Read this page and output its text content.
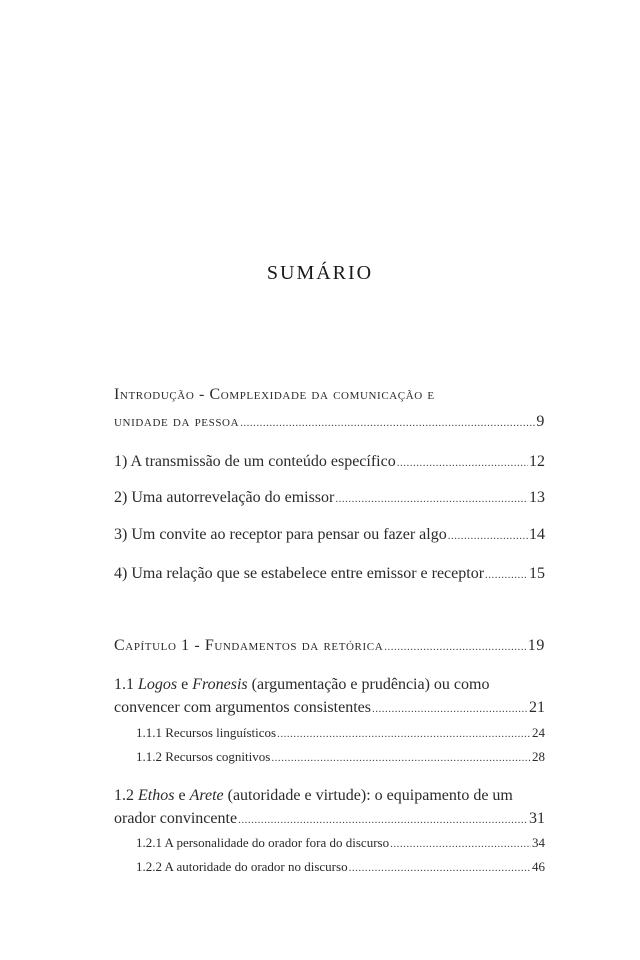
SUMÁRIO
Introdução - Complexidade da comunicação e
unidade da pessoa .....	9
1) A transmissão de um conteúdo específico .....	12
2) Uma autorrevelação do emissor .....	13
3) Um convite ao receptor para pensar ou fazer algo .....	14
4) Uma relação que se estabelece entre emissor e receptor .....	15
Capítulo 1 - Fundamentos da retórica .....	19
1.1 Logos e Fronesis (argumentação e prudência) ou como
convencer com argumentos consistentes .....	21
1.1.1 Recursos linguísticos .....	24
1.1.2 Recursos cognitivos .....	28
1.2 Ethos e Arete (autoridade e virtude): o equipamento de um
orador convincente .....	31
1.2.1 A personalidade do orador fora do discurso .....	34
1.2.2 A autoridade do orador no discurso .....	46
